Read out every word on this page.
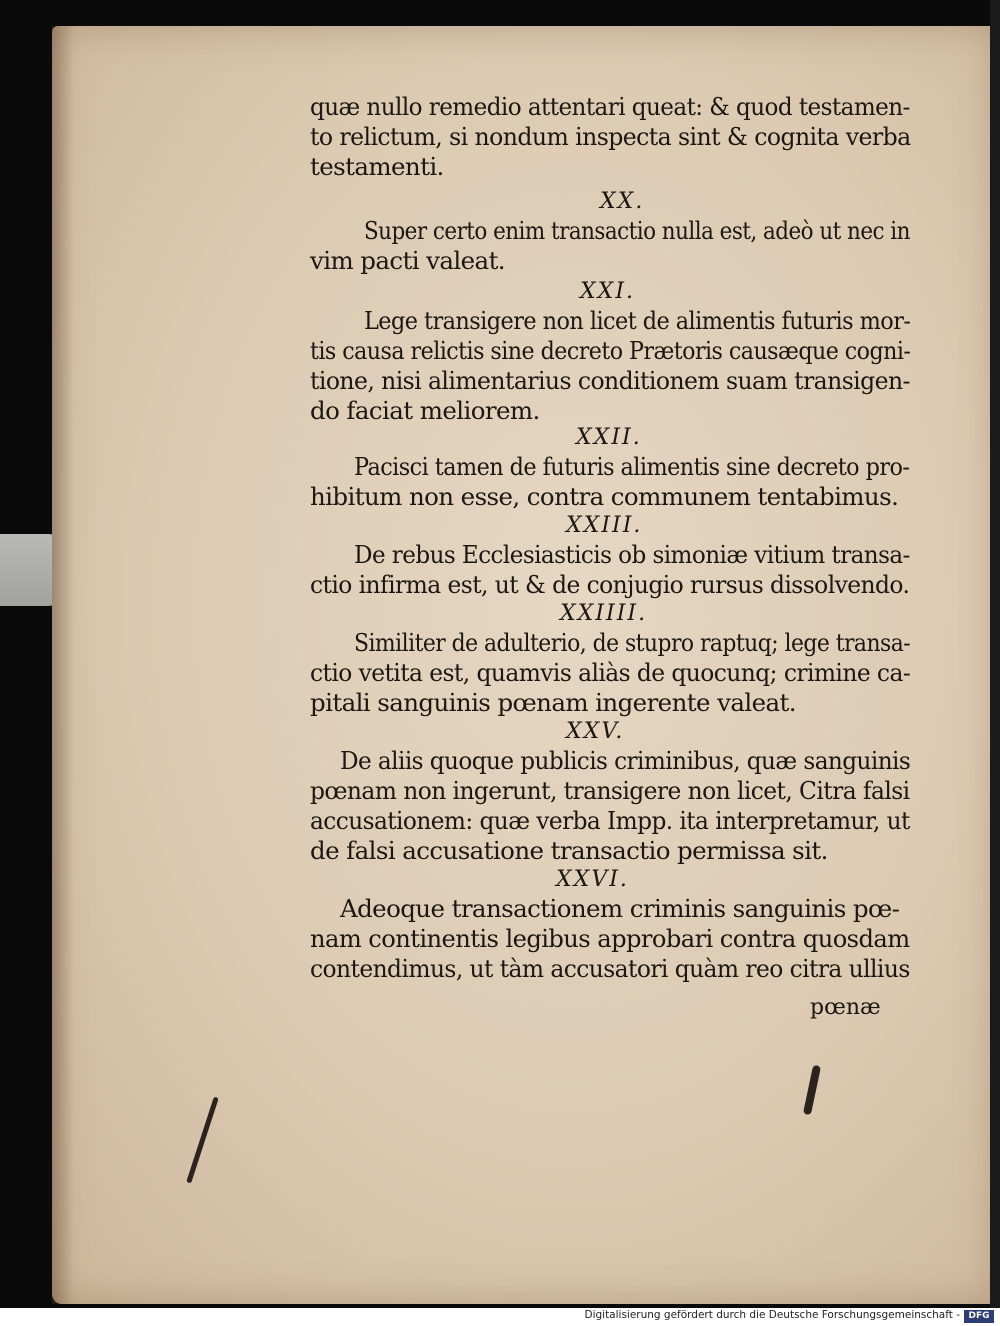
quæ nullo remedio attentari queat: & quod testamen-
to relictum, si nondum inspecta sint & cognita verba
testamenti.
XX.
Super certo enim transactio nulla est, adeò ut nec in
vim pacti valeat.
XXI.
Lege transigere non licet de alimentis futuris mor-
tis causa relictis sine decreto Prætoris causæque cogni-
tione, nisi alimentarius conditionem suam transigen-
do faciat meliorem.
XXII.
Pacisci tamen de futuris alimentis sine decreto pro-
hibitum non esse, contra communem tentabimus.
XXIII.
De rebus Ecclesiasticis ob simoniæ vitium transa-
ctio infirma est, ut & de conjugio rursus dissolvendo.
XXIIII.
Similiter de adulterio, de stupro raptuq; lege transa-
ctio vetita est, quamvis aliàs de quocunq; crimine ca-
pitali sanguinis pœnam ingerente valeat.
XXV.
De aliis quoque publicis criminibus, quæ sanguinis
pœnam non ingerunt, transigere non licet, Citra falsi
accusationem: quæ verba Impp. ita interpretamur, ut
de falsi accusatione transactio permissa sit.
XXVI.
Adeoque transactionem criminis sanguinis pœ-
nam continentis legibus approbari contra quosdam
contendimus, ut tàm accusatori quàm reo citra ullius
pœnæ
Digitalisierung gefördert durch die Deutsche Forschungsgemeinschaft - DFG
